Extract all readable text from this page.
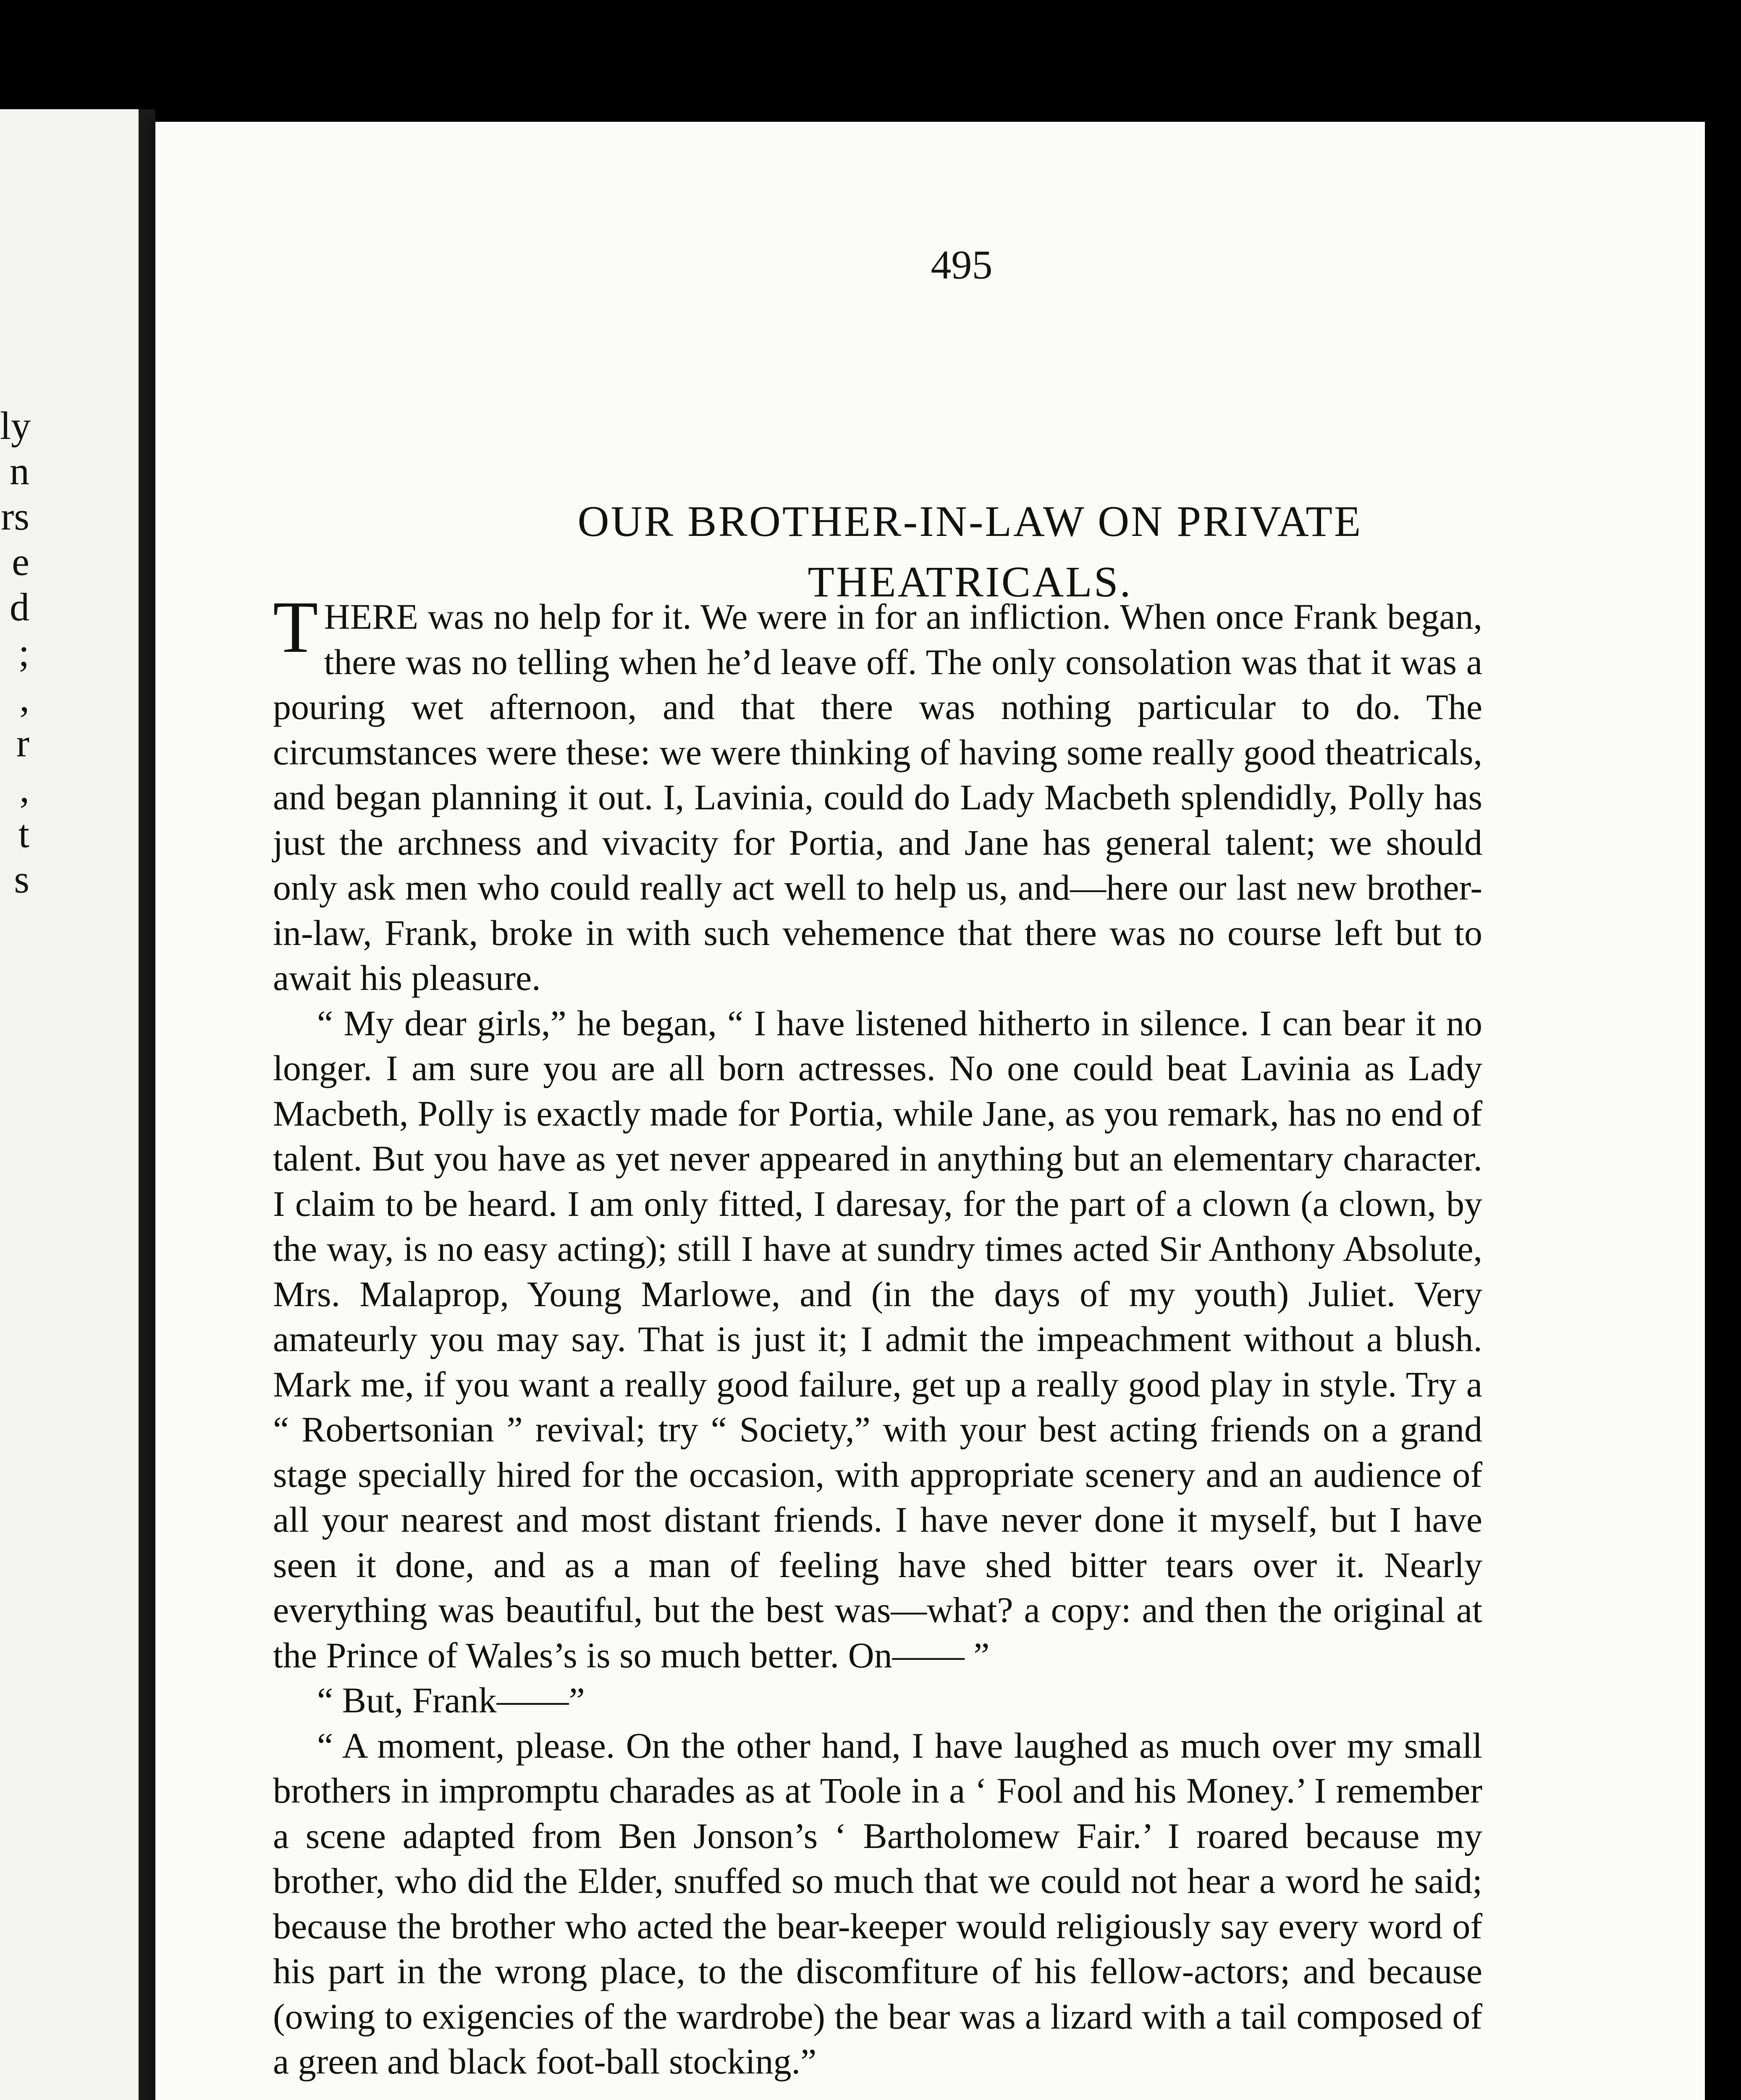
ly
n
rs
e
d
;
,
r
,
t
s
495
OUR BROTHER-IN-LAW ON PRIVATE
THEATRICALS.

T HERE was no help for it. We were in for an infliction. When once Frank began, there was no telling when he’d leave off. The only consolation was that it was a pouring wet afternoon, and that there was nothing particular to do. The circumstances were these: we were thinking of having some really good theatricals, and began planning it out. I, Lavinia, could do Lady Macbeth splendidly, Polly has just the archness and vivacity for Portia, and Jane has general talent; we should only ask men who could really act well to help us, and—here our last new brother-in-law, Frank, broke in with such vehemence that there was no course left but to await his pleasure.

“ My dear girls,” he began, “ I have listened hitherto in silence. I can bear it no longer. I am sure you are all born actresses. No one could beat Lavinia as Lady Macbeth, Polly is exactly made for Portia, while Jane, as you remark, has no end of talent. But you have as yet never appeared in anything but an elementary character. I claim to be heard. I am only fitted, I daresay, for the part of a clown (a clown, by the way, is no easy acting); still I have at sundry times acted Sir Anthony Absolute, Mrs. Malaprop, Young Marlowe, and (in the days of my youth) Juliet. Very amateurly you may say. That is just it; I admit the impeachment without a blush. Mark me, if you want a really good failure, get up a really good play in style. Try a “ Robertsonian ” revival; try “ Society,” with your best acting friends on a grand stage specially hired for the occasion, with appropriate scenery and an audience of all your nearest and most distant friends. I have never done it myself, but I have seen it done, and as a man of feeling have shed bitter tears over it. Nearly everything was beautiful, but the best was—what? a copy: and then the original at the Prince of Wales’s is so much better. On—— ”

“ But, Frank——”

“ A moment, please. On the other hand, I have laughed as much over my small brothers in impromptu charades as at Toole in a ‘ Fool and his Money.’ I remember a scene adapted from Ben Jonson’s ‘ Bartholomew Fair.’ I roared because my brother, who did the Elder, snuffed so much that we could not hear a word he said; because the brother who acted the bear-keeper would religiously say every word of his part in the wrong place, to the discomfiture of his fellow-actors; and because (owing to exigencies of the wardrobe) the bear was a lizard with a tail composed of a green and black foot-ball stocking.”
